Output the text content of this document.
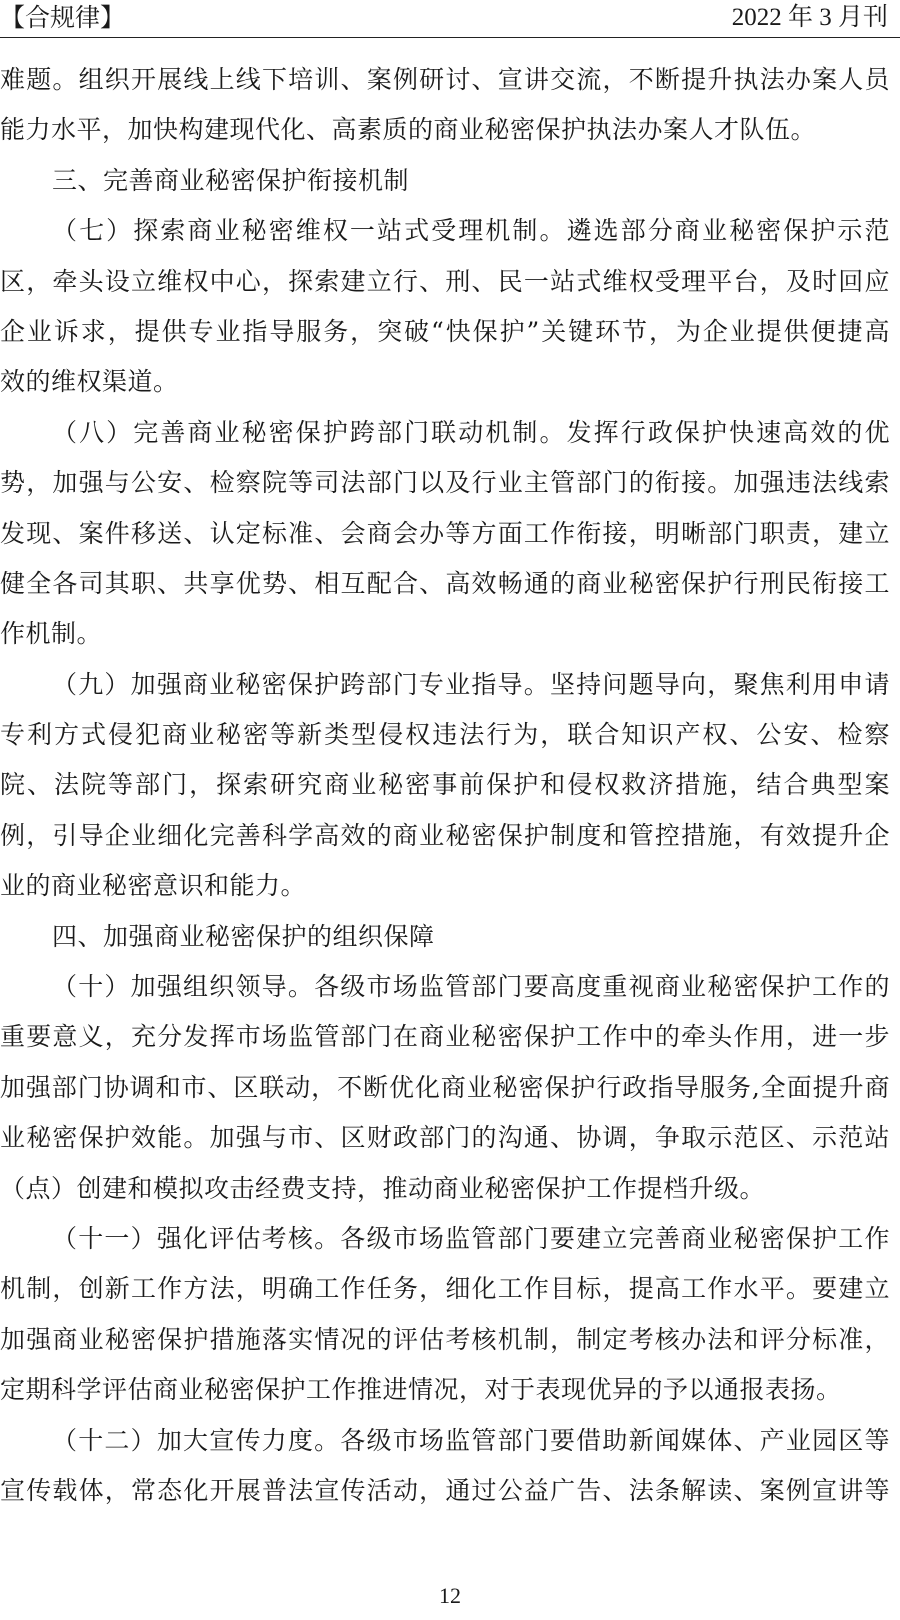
【合规律】	2022 年 3 月刊
难题。组织开展线上线下培训、案例研讨、宣讲交流，不断提升执法办案人员
能力水平，加快构建现代化、高素质的商业秘密保护执法办案人才队伍。
三、完善商业秘密保护衔接机制
（七）探索商业秘密维权一站式受理机制。遴选部分商业秘密保护示范
区，牵头设立维权中心，探索建立行、刑、民一站式维权受理平台，及时回应
企业诉求，提供专业指导服务，突破“快保护”关键环节，为企业提供便捷高
效的维权渠道。
（八）完善商业秘密保护跨部门联动机制。发挥行政保护快速高效的优
势，加强与公安、检察院等司法部门以及行业主管部门的衔接。加强违法线索
发现、案件移送、认定标准、会商会办等方面工作衔接，明晰部门职责，建立
健全各司其职、共享优势、相互配合、高效畅通的商业秘密保护行刑民衔接工
作机制。
（九）加强商业秘密保护跨部门专业指导。坚持问题导向，聚焦利用申请
专利方式侵犯商业秘密等新类型侵权违法行为，联合知识产权、公安、检察
院、法院等部门，探索研究商业秘密事前保护和侵权救济措施，结合典型案
例，引导企业细化完善科学高效的商业秘密保护制度和管控措施，有效提升企
业的商业秘密意识和能力。
四、加强商业秘密保护的组织保障
（十）加强组织领导。各级市场监管部门要高度重视商业秘密保护工作的
重要意义，充分发挥市场监管部门在商业秘密保护工作中的牵头作用，进一步
加强部门协调和市、区联动，不断优化商业秘密保护行政指导服务,全面提升商
业秘密保护效能。加强与市、区财政部门的沟通、协调，争取示范区、示范站
（点）创建和模拟攻击经费支持，推动商业秘密保护工作提档升级。
（十一）强化评估考核。各级市场监管部门要建立完善商业秘密保护工作
机制，创新工作方法，明确工作任务，细化工作目标，提高工作水平。要建立
加强商业秘密保护措施落实情况的评估考核机制，制定考核办法和评分标准，
定期科学评估商业秘密保护工作推进情况，对于表现优异的予以通报表扬。
（十二）加大宣传力度。各级市场监管部门要借助新闻媒体、产业园区等
宣传载体，常态化开展普法宣传活动，通过公益广告、法条解读、案例宣讲等
12
